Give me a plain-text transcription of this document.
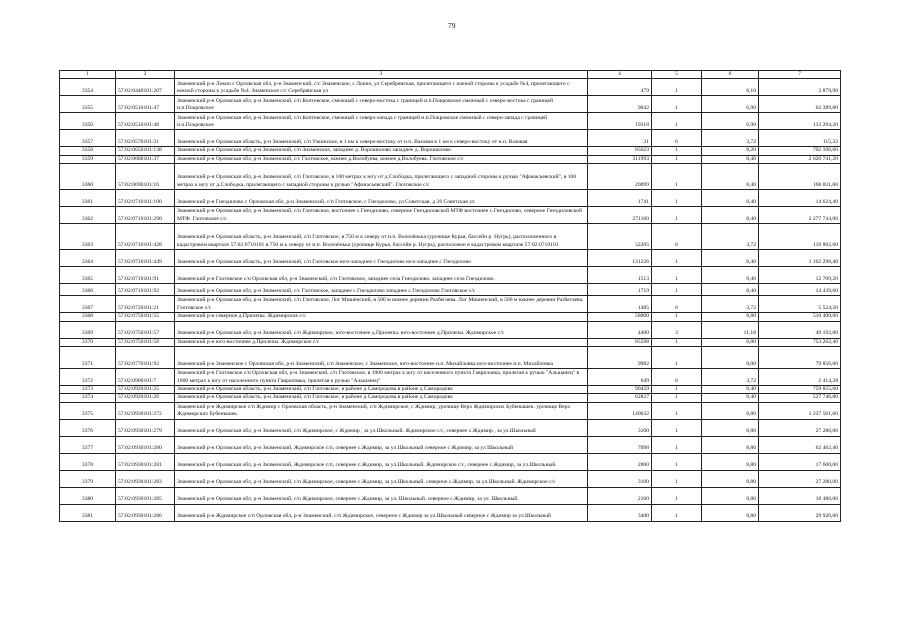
79
1	2	3	4	5	6	7
3354	57:02:0440101:207	Знаменский р-н Локно с Орловская обл, р-н Знаменский, с/с Знаменское, с Локно, ул Серебрянская, прилегающего с южной стороны к усадьбе №4, прилегающего с южной стороны к усадьбе №4. Знаменское с/с Серебрянская ул	479	1	8,10	3 879,90
3355	57:02:0510101:47	Знаменский р-н Орловская обл, р-н Знаменский, с/п Коптевское, смежный с северо-востока с границей н.п.Покровское смежный с северо-востока с границей н.п.Покровское	9042	1	6,90	62 389,80
3356	57:02:0510101:48	Знаменский р-н Орловская обл, р-н Знаменский, с/п Коптевское, смежный с северо-запада с границей н.п.Покровское смежный с северо-запада с границей н.п.Покровское	19318	1	6,90	133 294,20
3357	57:02:0570101:31	Знаменский р-н Орловская область, р-н Знаменский, с/п Узкинское, в 1 км к северо-востоку от н.п. Вазовая в 1 км к северо-востоку от н.п. Вазовая	31	6	3,72	115,32
3358	57:02:0650101:138	Знаменский р-н Орловская обл, р-н Знаменский, с/п Знаменское, западнее д. Ворошилово западнее д. Ворошилово	85623	1	8,20	702 108,60
3359	57:02:0680101:37	Знаменский р-н Орловская обл, р-н Знаменский, с/с Глотовское, южнее д.Волобуева, южнее д.Волобуева. Глотовское с/с	311993	1	8,40	2 620 741,20
3360	57:02:0690101:16	Знаменский р-н Орловская обл, р-н Знаменский, с/п Глотовское, в 100 метрах к югу от д.Слободка, прилегающего с западной стороны к ручью "Афанасьевский", в 100 метрах к югу от д.Слободка, прилегающего с западной стороны к ручью "Афанасьевский". Глотовское с/с	20099	1	8,40	168 831,60
3361	57:02:0710101:100	Знаменский р-н Гнездилово с Орловская обл, р-н Знаменский, с/п Глотовское, с Гнездилово, ул Советская, д 26 Советская ул	1741	1	8,40	14 624,40
3362	57:02:0710101:290	Знаменский р-н Орловская обл, р-н Знаменский, с/п Глотовское, восточнее с.Гнездилово, северное Гнездиловской МТФ восточнее с.Гнездилово, северное Гнездиловской МТФ. Глотовское с/с	271160	1	8,40	2 277 744,00
3363	57:02:0710101:428	Знаменский р-н Орловская область, р-н Знаменский, с/п Глотовское, в 750 м к северу от н.п. Волочёнька (урочище Курья, бассейн р. Нугрь), расположенного в кадастровом квартале 57:02:0710101 в 750 м к северу от н.п. Волочёнька (урочище Курья, бассейн р. Нугрь), расположен в кадастровом квартале 57:02:0710101	32205	6	3,72	119 802,60
3364	57:02:0710101:449	Знаменский р-н Орловская область, р-н Знаменский, с/п Глотовское юго-западнее с Гнездилово юго-западнее с Гнездилово	131226	1	8,40	1 102 298,40
3365	57:02:0710101:91	Знаменский р-н Глотовское с/п Орловская обл, р-н Знаменский, с/п Глотовское, западнее села Гнездилово. западнее села Гнездилово.	1513	1	8,40	12 709,20
3366	57:02:0710101:92	Знаменский р-н Орловская обл, р-н Знаменский, с/с Глотовское, западнее с.Гнездилово западнее с.Гнездилово Глотовское с/с	1719	1	8,40	14 439,60
3367	57:02:0720101:21	Знаменский р-н Орловская обл, р-н Знаменский, с/п Глотовское, Лог Мишенский, в 500 м южнее деревни Разбегаева. Лог Мишенский, в 500 м южнее деревни Разбегаева. Глотовское с/с	1485	6	3,72	5 524,20
3368	57:02:0750101:55	Знаменский р-н северное д.Прилепы. Ждимирское с/с	58000	1	8,80	510 400,00
3369	57:02:0750101:57	Знаменский р-н Орловская обл, р-н Знаменский, с/п Ждимирское, юго-восточнее д.Прилепы. юго-восточнее д.Прилепы. Ждимирское с/с	4400	3	11,18	49 192,00
3370	57:02:0750101:58	Знаменский р-н юго-восточнее д.Прилепы. Ждимирское с/с	85598	1	8,80	753 262,40
3371	57:02:0770101:92	Знаменский р-н Знаменское с Орловская обл, р-н Знаменский, с/п Знаменское, с Знаменское, юго-восточнее н.п. Михайловка юго-восточнее н.п. Михайловка	9982	1	8,00	79 856,00
3372	57:02:0900101:7	Знаменский р-н Глотовское с/п Орловская обл, р-н Знаменский, с/п Глотовское, в 1000 метрах к югу от населенного пункта Гавриловка, прилегая к ручью "Альшанец" в 1000 метрах к югу от населенного пункта Гавриловка, прилегая к ручью "Альшанец"	649	6	3,72	2 414,28
3373	57:02:0920101:25	Знаменский р-н Орловская область, р-н Знаменский, с/п Глотовское, в районе д Самородова в районе д Самородова	90459	1	8,40	759 855,60
3374	57:02:0920101:26	Знаменский р-н Орловская область, р-н Знаменский, с/п Глотовское, в районе д Самородова в районе д Самородова	62827	1	8,40	527 746,80
3375	57:02:0930101:272	Знаменский р-н Ждимирское с/п Ждимир с Орловская область, р-н Знаменский, с/п Ждимирское, с Ждимир, урочище Верх Ждимирских Бубенышек. урочище Верх Ждимирских Бубенышек.	140632	1	8,80	1 237 561,60
3376	57:02:0930101:279	Знаменский р-н Орловская обл, р-н Знаменский, с/п Ждимирское, с Ждимир , за ул.Школьный. Ждимирское с/с, севернее с.Ждимир , за ул.Школьный	3100	1	8,80	27 280,00
3377	57:02:0930101:280	Знаменский р-н Орловская обл, р-н Знаменский, Ждимирское с/п, севернее с.Ждимир, за ул Школьный северное с Ждимир, за ул Школьный	7098	1	8,80	62 462,40
3378	57:02:0930101:281	Знаменский р-н Орловская обл, р-н Знаменский, Ждимирское с/п, севернее с.Ждимир, за ул.Школьный. Ждимирское с/с, севернее с.Ждимир, за ул.Школьный.	2000	1	8,80	17 600,00
3379	57:02:0930101:283	Знаменский р-н Орловская обл, р-н Знаменский, с/п Ждимирское, севернее с.Ждимир, за ул.Школьный. северное с.Ждимир, за ул.Школьный. Ждимирское с/с	3100	1	8,80	27 280,00
3380	57:02:0930101:285	Знаменский р-н Орловская обл, р-н Знаменский, с/п Ждимирское, севернее с.Ждимир, за ул. Школьный. северное с.Ждимир, за ул. Школьный.	2100	1	8,80	18 480,00
3381	57:02:0930101:286	Знаменский р-н Ждимирское с/п Орловская обл, р-н Знаменский, с/п Ждимирское, северное с Ждимир за ул.Школьный северное с Ждимир за ул.Школьный	3400	1	8,80	29 920,00
